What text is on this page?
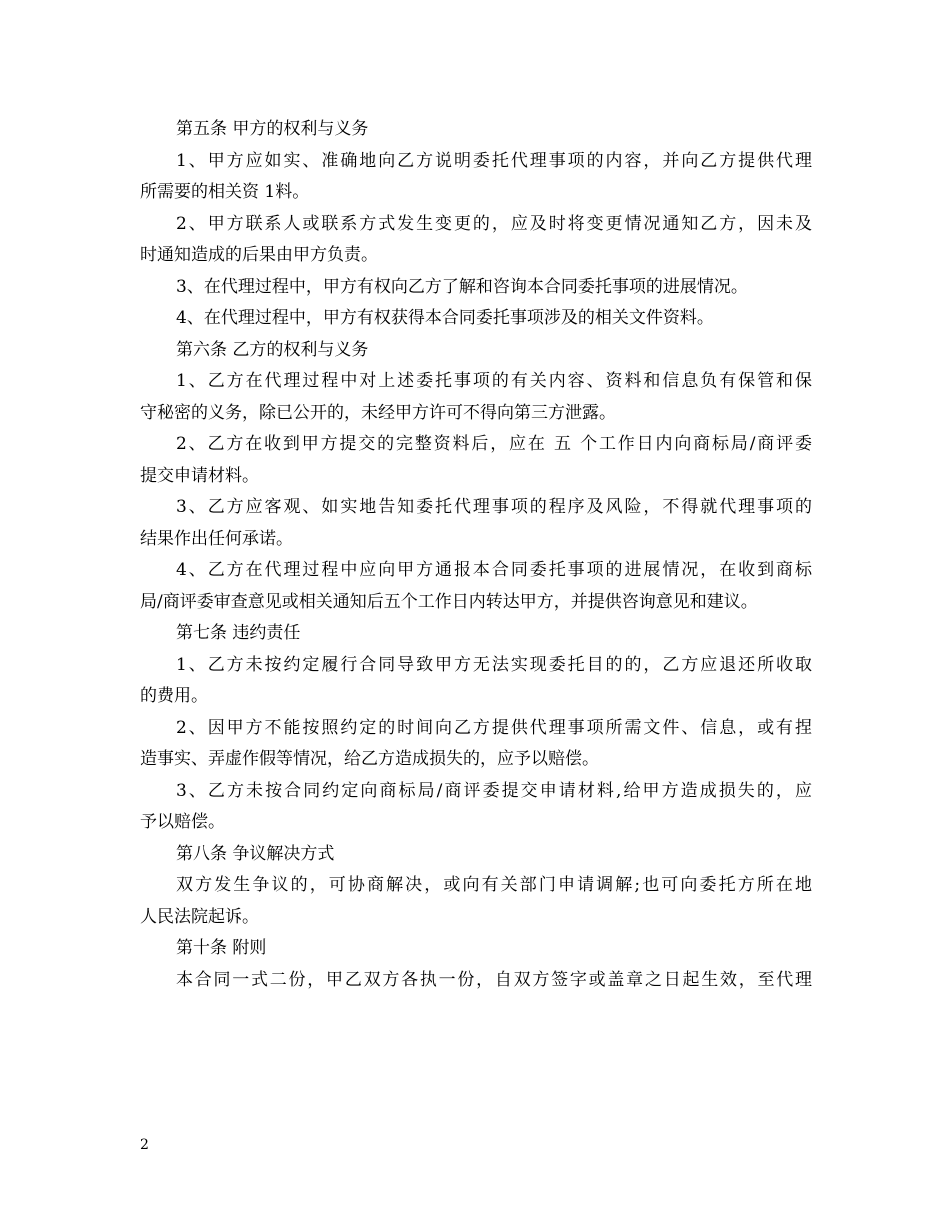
第五条 甲方的权利与义务
1、甲方应如实、准确地向乙方说明委托代理事项的内容，并向乙方提供代理
所需要的相关资 1料。
2、甲方联系人或联系方式发生变更的，应及时将变更情况通知乙方，因未及
时通知造成的后果由甲方负责。
3、在代理过程中，甲方有权向乙方了解和咨询本合同委托事项的进展情况。
4、在代理过程中，甲方有权获得本合同委托事项涉及的相关文件资料。
第六条 乙方的权利与义务
1、乙方在代理过程中对上述委托事项的有关内容、资料和信息负有保管和保
守秘密的义务，除已公开的，未经甲方许可不得向第三方泄露。
2、乙方在收到甲方提交的完整资料后，应在 五 个工作日内向商标局/商评委
提交申请材料。
3、乙方应客观、如实地告知委托代理事项的程序及风险，不得就代理事项的
结果作出任何承诺。
4、乙方在代理过程中应向甲方通报本合同委托事项的进展情况，在收到商标
局/商评委审查意见或相关通知后五个工作日内转达甲方，并提供咨询意见和建议。
第七条 违约责任
1、乙方未按约定履行合同导致甲方无法实现委托目的的，乙方应退还所收取
的费用。
2、因甲方不能按照约定的时间向乙方提供代理事项所需文件、信息，或有捏
造事实、弄虚作假等情况，给乙方造成损失的，应予以赔偿。
3、乙方未按合同约定向商标局/商评委提交申请材料,给甲方造成损失的，应
予以赔偿。
第八条 争议解决方式
双方发生争议的，可协商解决，或向有关部门申请调解;也可向委托方所在地
人民法院起诉。
第十条 附则
本合同一式二份，甲乙双方各执一份，自双方签字或盖章之日起生效，至代理
2
